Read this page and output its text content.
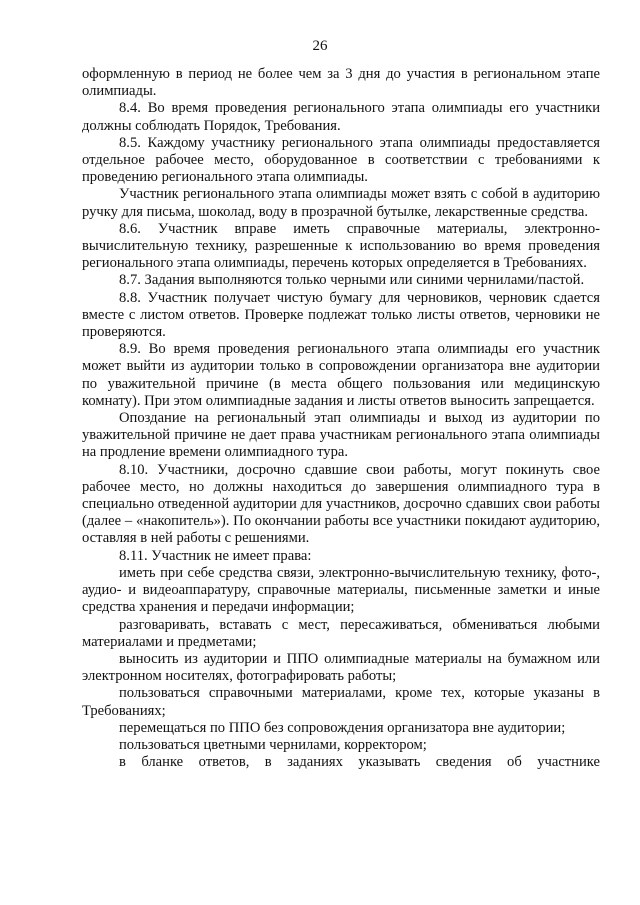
26

оформленную в период не более чем за 3 дня до участия в региональном этапе олимпиады.

8.4. Во время проведения регионального этапа олимпиады его участники должны соблюдать Порядок, Требования.

8.5. Каждому участнику регионального этапа олимпиады предоставляется отдельное рабочее место, оборудованное в соответствии с требованиями к проведению регионального этапа олимпиады.

Участник регионального этапа олимпиады может взять с собой в аудиторию ручку для письма, шоколад, воду в прозрачной бутылке, лекарственные средства.

8.6. Участник вправе иметь справочные материалы, электронно-вычислительную технику, разрешенные к использованию во время проведения регионального этапа олимпиады, перечень которых определяется в Требованиях.

8.7. Задания выполняются только черными или синими чернилами/пастой.

8.8. Участник получает чистую бумагу для черновиков, черновик сдается вместе с листом ответов. Проверке подлежат только листы ответов, черновики не проверяются.

8.9. Во время проведения регионального этапа олимпиады его участник может выйти из аудитории только в сопровождении организатора вне аудитории по уважительной причине (в места общего пользования или медицинскую комнату). При этом олимпиадные задания и листы ответов выносить запрещается.

Опоздание на региональный этап олимпиады и выход из аудитории по уважительной причине не дает права участникам регионального этапа олимпиады на продление времени олимпиадного тура.

8.10. Участники, досрочно сдавшие свои работы, могут покинуть свое рабочее место, но должны находиться до завершения олимпиадного тура в специально отведенной аудитории для участников, досрочно сдавших свои работы (далее – «накопитель»). По окончании работы все участники покидают аудиторию, оставляя в ней работы с решениями.

8.11. Участник не имеет права:

иметь при себе средства связи, электронно-вычислительную технику, фото-, аудио- и видеоаппаратуру, справочные материалы, письменные заметки и иные средства хранения и передачи информации;

разговаривать, вставать с мест, пересаживаться, обмениваться любыми материалами и предметами;

выносить из аудитории и ППО олимпиадные материалы на бумажном или электронном носителях, фотографировать работы;

пользоваться справочными материалами, кроме тех, которые указаны в Требованиях;

перемещаться по ППО без сопровождения организатора вне аудитории;

пользоваться цветными чернилами, корректором;

в бланке ответов, в заданиях указывать сведения об участнике
